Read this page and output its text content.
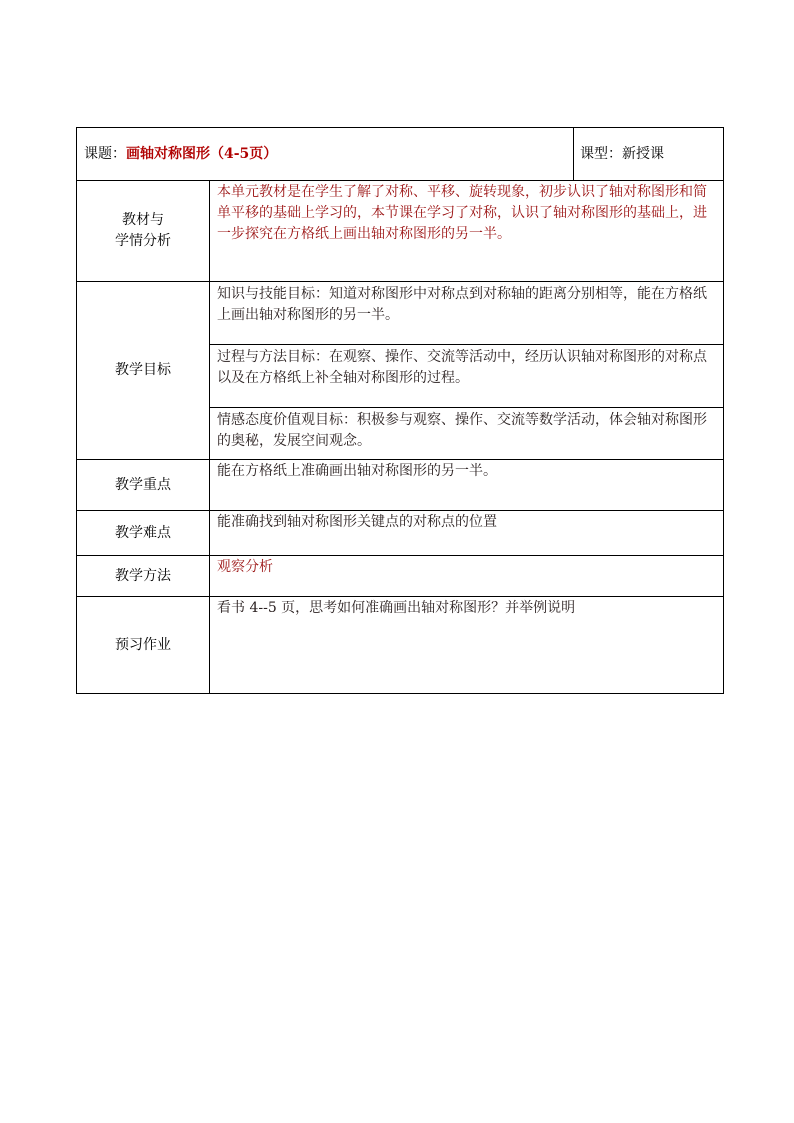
课题：画轴对称图形（4-5页）		课型：新授课

教材与
学情分析	本单元教材是在学生了解了对称、平移、旋转现象，初步认识了轴对称图形和简单平移的基础上学习的，本节课在学习了对称，认识了轴对称图形的基础上，进一步探究在方格纸上画出轴对称图形的另一半。	

教学目标	知识与技能目标：知道对称图形中对称点到对称轴的距离分别相等，能在方格纸上画出轴对称图形的另一半。
过程与方法目标：在观察、操作、交流等活动中，经历认识轴对称图形的对称点以及在方格纸上补全轴对称图形的过程。
情感态度价值观目标：积极参与观察、操作、交流等数学活动，体会轴对称图形的奥秘，发展空间观念。	

教学重点	能在方格纸上准确画出轴对称图形的另一半。	

教学难点	能准确找到轴对称图形关键点的对称点的位置	

教学方法	观察分析	

预习作业	看书 4--5 页，思考如何准确画出轴对称图形？并举例说明	
